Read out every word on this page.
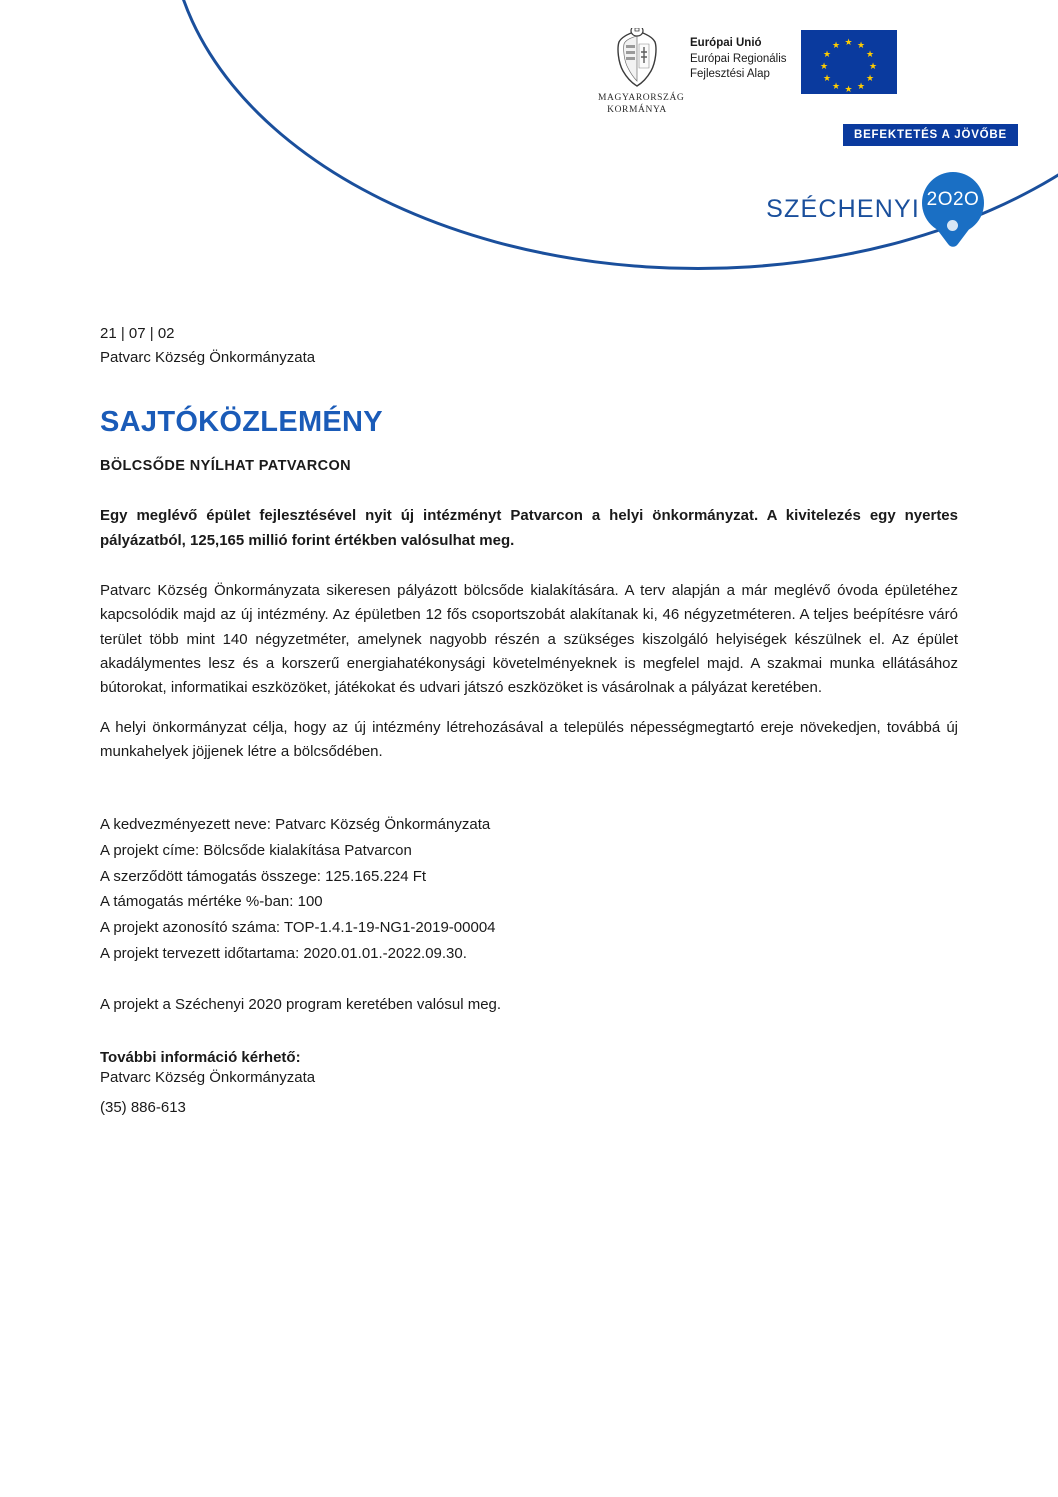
MAGYARORSZÁG
KORMÁNYA
Európai Unió
Európai Regionális
Fejlesztési Alap
★ ★
★
★
★
★
★
★
★
★
★
★
BEFEKTETÉS A JÖVŐBE
SZÉCHENYI 2O2O
21 | 07 | 02
Patvarc Község Önkormányzata
SAJTÓKÖZLEMÉNY
BÖLCSŐDE NYÍLHAT PATVARCON

Egy meglévő épület fejlesztésével nyit új intézményt Patvarcon a helyi önkormányzat. A kivitelezés egy nyertes pályázatból, 125,165 millió forint értékben valósulhat meg.

Patvarc Község Önkormányzata sikeresen pályázott bölcsőde kialakítására. A terv alapján a már meglévő óvoda épületéhez kapcsolódik majd az új intézmény. Az épületben 12 fős csoportszobát alakítanak ki, 46 négyzetméteren. A teljes beépítésre váró terület több mint 140 négyzetméter, amelynek nagyobb részén a szükséges kiszolgáló helyiségek készülnek el. Az épület akadálymentes lesz és a korszerű energiahatékonysági követelményeknek is megfelel majd. A szakmai munka ellátásához bútorokat, informatikai eszközöket, játékokat és udvari játszó eszközöket is vásárolnak a pályázat keretében.

A helyi önkormányzat célja, hogy az új intézmény létrehozásával a település népességmegtartó ereje növekedjen, továbbá új munkahelyek jöjjenek létre a bölcsődében.

A kedvezményezett neve: Patvarc Község Önkormányzata
A projekt címe: Bölcsőde kialakítása Patvarcon
A szerződött támogatás összege: 125.165.224 Ft
A támogatás mértéke %-ban: 100
A projekt azonosító száma: TOP-1.4.1-19-NG1-2019-00004
A projekt tervezett időtartama: 2020.01.01.-2022.09.30.

A projekt a Széchenyi 2020 program keretében valósul meg.

További információ kérhető:
Patvarc Község Önkormányzata
(35) 886-613
